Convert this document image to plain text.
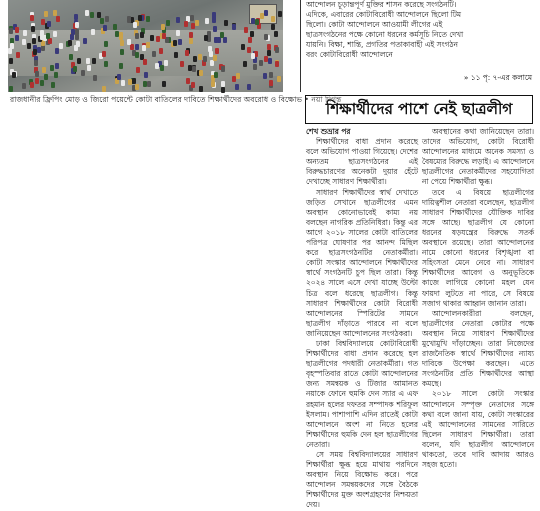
রাজধানীর ফ্রিপিং মোড় ও জিরো পয়েন্টে কোটা বাতিলের দাবিতে শিক্ষার্থীদের অবরোধ ও বিক্ষোভ • নয়া দিগন্ত
আন্দোলন চূড়ান্তপূর্ণ মুক্তির শাসন করেছে সংগঠনটি।
এদিকে, এবারের কোটাবিরোধী আন্দোলনে ছিলো টিম
ছিলো। কোটা আন্দোলনে আওয়ামী লীগের এই
ছাত্রসংগঠনের পক্ষে কোনো ধরনের কর্মসূচি নিতে দেখা
যায়নি। বিক্ষা, শান্তি, প্রগতির পতাকাবাহী এই সংগঠন
বরং কোটাবিরোধী আন্দোলনে
» ১১ পৃ: ৭-এর কলামে
শিক্ষার্থীদের পাশে নেই ছাত্রলীগ

শেখ শুভ্রার পর

শিক্ষার্থীদের বাধা প্রদান করেছে বলে অভিযোগ পাওয়া গিয়েছে। দেশের অন্যতম ছাত্রসংগঠনের এই বিরুদ্ধচারণের অনেকটা দুয়ার হেঁটে দেখাচ্ছে সাধারণ শিক্ষার্থীরা।

সাধারণ শিক্ষার্থীদের স্বার্থ দেখাতে জড়িত সেখানে ছাত্রলীগের এমন অবস্থান কোনোভাবেই কাম্য নয় বলছেন নাগরিক প্রতিনিধিরা। কিন্তু এর আগে ২০১৮ সালের কোটা বাতিলের পরিপত্র ঘোষণার পর আনন্দ মিছিল করে ছাত্রসংগঠনটির নেতাকর্মীরা। কোটা সংস্কার আন্দোলনে শিক্ষার্থীদের স্বার্থে সংগঠনটি চুপ ছিল তারা। কিন্তু ২০২৪ সালে এসে দেখা যাচ্ছে উল্টো চিত্র বলে ধরেছে ছাত্রলীগ। কিন্তু সাধারণ শিক্ষার্থীদের কোটা বিরোধী আন্দোলনের স্পিরিটের সামনে ছাত্রলীগ দাঁড়াতে পারবে না বলে জানিয়েছেন আন্দোলনের সংগঠকরা।

ঢাকা বিশ্ববিদ্যালয়ে কোটাবিরোধী শিক্ষার্থীদের বাধা প্রদান করেছে হল ছাত্রলীগের পদধারী নেতাকর্মীরা। গত বৃহস্পতিবার রাতে কোটা আন্দোলনের জন্য সমন্বয়ক ও টিজার আমানত নয়াকে ফোনে হুমকি দেন স্যার এ এফ রহমান হলের দফতর সম্পাদক শরিফুল ইসলাম। পাশাপাশি এদিন রাতেই কোটা আন্দোলনে অংশ না নিতে হলের শিক্ষার্থীদের হুমকি দেন হল ছাত্রলীগের নেতারা।

সে সময় বিশ্ববিদ্যালয়ের সাধারণ শিক্ষার্থীরা ক্ষুব্ধ হয়ে মাথায় পরদিনে অবস্থান নিয়ে বিক্ষোভ করে। পরে আন্দোলন সমন্বয়কদের সঙ্গে বৈঠকে শিক্ষার্থীদের মুক্ত অংশগ্রহণের নিশ্চয়তা দেয়।

অবস্থানের কথা জানিয়েছেন তারা। তাদের অভিযোগ, কোটা বিরোধী আন্দোলনের মাধ্যমে অনেক সমস্যা ও বৈষম্যের বিরুদ্ধে লড়াই। এ আন্দোলনে ছাত্রলীগের নেতাকর্মীদের সহযোগিতা না পেয়ে শিক্ষার্থীরা ক্ষুব্ধ।

তবে এ বিষয়ে ছাত্রলীগের দায়িত্বশীল নেতারা বলেছেন, ছাত্রলীগ সাধারণ শিক্ষার্থীদের যৌক্তিক দাবির সঙ্গে আছে। ছাত্রলীগ যে কোনো ধরনের ষড়যন্ত্রের বিরুদ্ধে সতর্ক অবস্থানে রয়েছে। তারা আন্দোলনের নামে কোনো ধরনের বিশৃঙ্খলা বা সহিংসতা মেনে নেবে না। সাধারণ শিক্ষার্থীদের আবেগ ও অনুভূতিকে কাজে লাগিয়ে কোনো মহল যেন ফায়দা লুটতে না পারে, সে বিষয়ে সজাগ থাকার আহ্বান জানান তারা।

আন্দোলনকারীরা বলছেন, ছাত্রলীগের নেতারা কোটার পক্ষে অবস্থান নিয়ে সাধারণ শিক্ষার্থীদের মুখোমুখি দাঁড়াচ্ছেন। তারা নিজেদের রাজনৈতিক স্বার্থে শিক্ষার্থীদের ন্যায্য দাবিকে উপেক্ষা করছেন। এতে সংগঠনটির প্রতি শিক্ষার্থীদের আস্থা কমছে।

২০১৮ সালে কোটা সংস্কার আন্দোলনে সম্পৃক্ত নেতাদের সঙ্গে কথা বলে জানা যায়, কোটা সংস্কারের এই আন্দোলনের সামনের সারিতে ছিলেন সাধারণ শিক্ষার্থীরা। তারা বলেন, যদি ছাত্রলীগ আন্দোলনে থাকতো, তবে দাবি আদায় আরও সহজ হতো।
